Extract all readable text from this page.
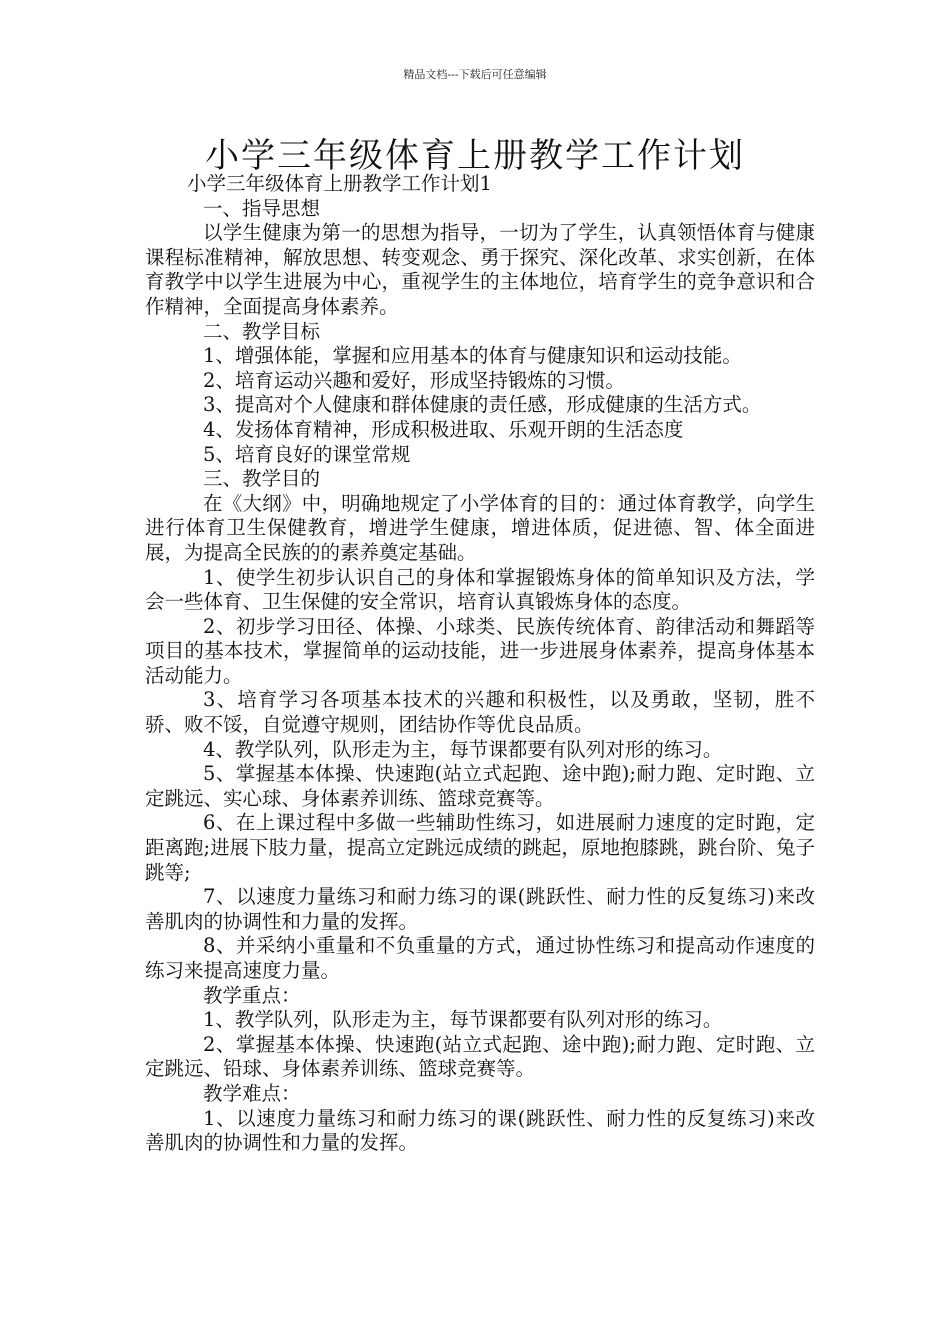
精品文档---下载后可任意编辑
小学三年级体育上册教学工作计划

小学三年级体育上册教学工作计划1

一、指导思想

以学生健康为第一的思想为指导，一切为了学生，认真领悟体育与健康课程标准精神，解放思想、转变观念、勇于探究、深化改革、求实创新，在体育教学中以学生进展为中心，重视学生的主体地位，培育学生的竞争意识和合作精神，全面提高身体素养。

二、教学目标

1、增强体能，掌握和应用基本的体育与健康知识和运动技能。

2、培育运动兴趣和爱好，形成坚持锻炼的习惯。

3、提高对个人健康和群体健康的责任感，形成健康的生活方式。

4、发扬体育精神，形成积极进取、乐观开朗的生活态度

5、培育良好的课堂常规

三、教学目的

在《大纲》中，明确地规定了小学体育的目的：通过体育教学，向学生进行体育卫生保健教育，增进学生健康，增进体质，促进德、智、体全面进展，为提高全民族的的素养奠定基础。

1、使学生初步认识自己的身体和掌握锻炼身体的简单知识及方法，学会一些体育、卫生保健的安全常识，培育认真锻炼身体的态度。

2、初步学习田径、体操、小球类、民族传统体育、韵律活动和舞蹈等项目的基本技术，掌握简单的运动技能，进一步进展身体素养，提高身体基本活动能力。

3、培育学习各项基本技术的兴趣和积极性，以及勇敢，坚韧，胜不骄、败不馁，自觉遵守规则，团结协作等优良品质。

4、教学队列，队形走为主，每节课都要有队列对形的练习。

5、掌握基本体操、快速跑(站立式起跑、途中跑);耐力跑、定时跑、立定跳远、实心球、身体素养训练、篮球竞赛等。

6、在上课过程中多做一些辅助性练习，如进展耐力速度的定时跑，定距离跑;进展下肢力量，提高立定跳远成绩的跳起，原地抱膝跳，跳台阶、兔子跳等;

7、以速度力量练习和耐力练习的课(跳跃性、耐力性的反复练习)来改善肌肉的协调性和力量的发挥。

8、并采纳小重量和不负重量的方式，通过协性练习和提高动作速度的练习来提高速度力量。

教学重点：

1、教学队列，队形走为主，每节课都要有队列对形的练习。

2、掌握基本体操、快速跑(站立式起跑、途中跑);耐力跑、定时跑、立定跳远、铅球、身体素养训练、篮球竞赛等。

教学难点：

1、以速度力量练习和耐力练习的课(跳跃性、耐力性的反复练习)来改善肌肉的协调性和力量的发挥。
